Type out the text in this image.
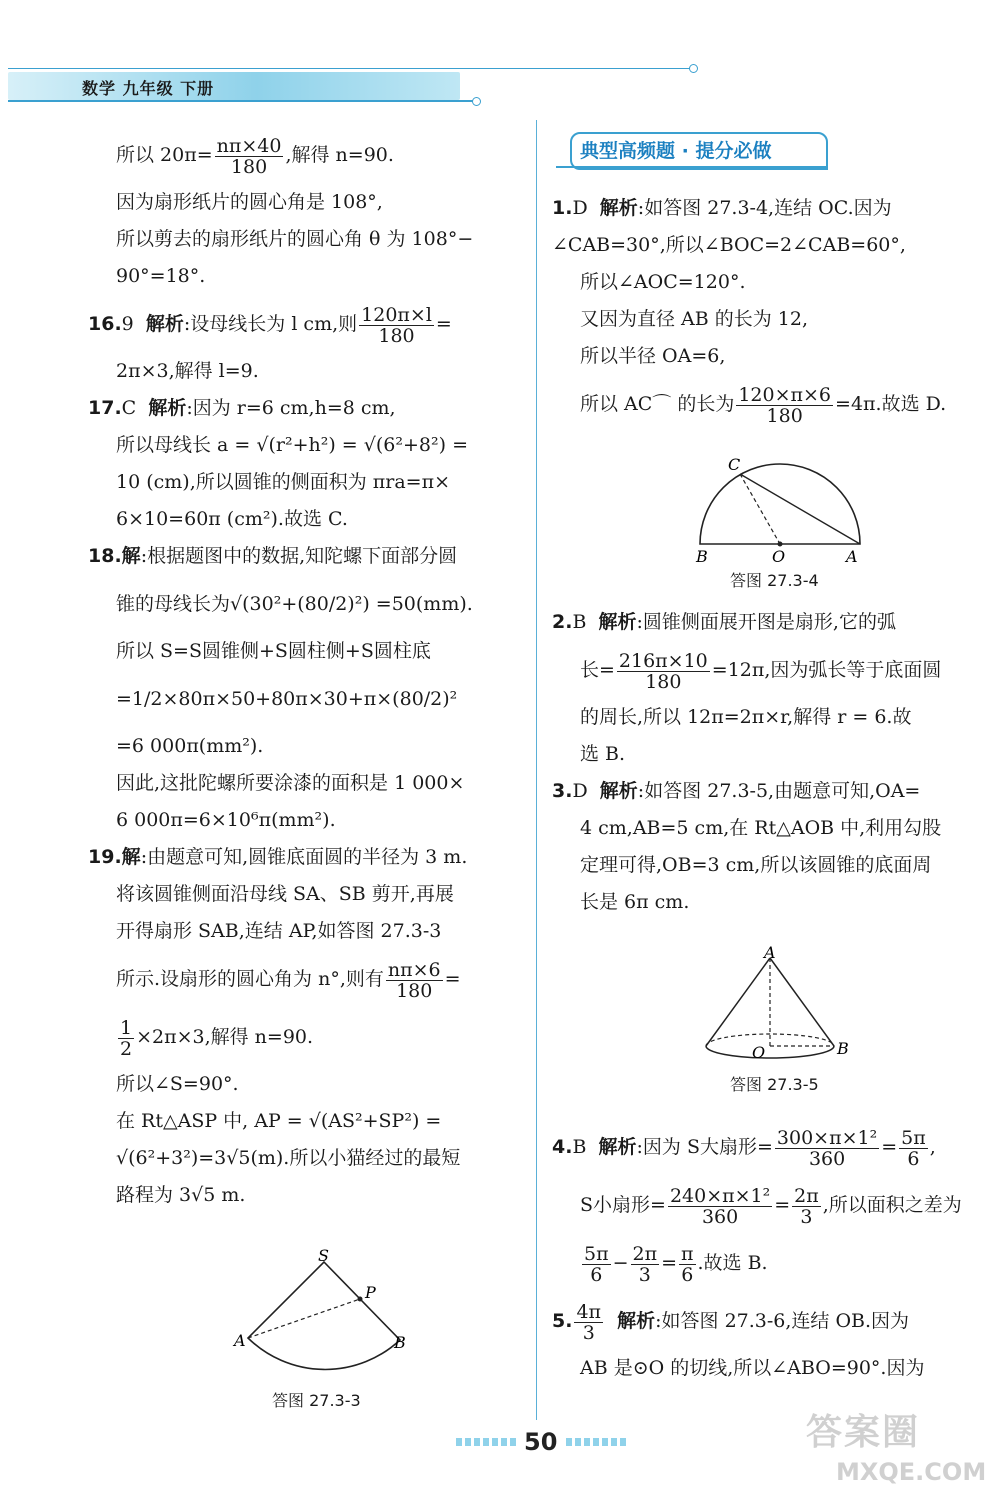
数学 九年级 下册
所以 $20\pi= \frac{n\pi\times 40}{180}$ ,解得 n=90.
因为扇形纸片的圆心角是 108°,
所以剪去的扇形纸片的圆心角 θ 为 108°−
90°=18°.
16.9 解析:设母线长为 l cm,则 $\frac{120\pi\times l}{180}$ =
2π×3,解得 l=9.
17.C 解析:因为 r=6 cm,h=8 cm,
所以母线长 a = √(r²+h²) = √(6²+8²) =
10 (cm),所以圆锥的侧面积为 πra=π×
6×10=60π (cm²).故选 C.
18.解:根据题图中的数据,知陀螺下面部分圆
锥的母线长为√(30²+(80/2)²) =50(mm).
所以 S=S圆锥侧+S圆柱侧+S圆柱底
=1/2×80π×50+80π×30+π×(80/2)²
=6 000π(mm²).
因此,这批陀螺所要涂漆的面积是 1 000×
6 000π=6×10⁶π(mm²).
19.解:由题意可知,圆锥底面圆的半径为 3 m.
将该圆锥侧面沿母线 SA、SB 剪开,再展
开得扇形 SAB,连结 AP,如答图 27.3-3
所示.设扇形的圆心角为 n°,则有 $\frac{n\pi\times 6}{180}$ =
$\frac{1}{2} \times 2\pi\times 3$,解得 n=90.
所以∠S=90°.
在 Rt△ASP 中, AP = √(AS²+SP²) =
√(6²+3²)=3√5(m).所以小猫经过的最短
路程为 3√5 m.
S
P
A	B
答图 27.3-3
典型高频题 · 提分必做
1.D 解析:如答图 27.3-4,连结 OC.因为
∠CAB=30°,所以∠BOC=2∠CAB=60°,
所以∠AOC=120°.
又因为直径 AB 的长为 12,
所以半径 OA=6,
所以 AC⌒ 的长为 $\frac{120\times\pi\times 6}{180} =4\pi$.故选 D.
C
B	O	A
答图 27.3-4
2.B 解析:圆锥侧面展开图是扇形,它的弧
长= $\frac{216\pi\times 10}{180} =12\pi$,因为弧长等于底面圆
的周长,所以 12π=2π×r,解得 r = 6.故
选 B.
3.D 解析:如答图 27.3-5,由题意可知,OA=
4 cm,AB=5 cm,在 Rt△AOB 中,利用勾股
定理可得,OB=3 cm,所以该圆锥的底面周
长是 6π cm.
A
O	B
答图 27.3-5
4.B 解析:因为 S大扇形= $\frac{\text{300×π×1²}}{360} = \frac{5\pi}{6}$ ,
S小扇形= $\frac{\text{240×π×1²}}{360} = \frac{2\pi}{3}$ ,所以面积之差为
$\frac{5\pi}{6} - \frac{2\pi}{3} = \frac{\pi}{6}$ .故选 B.
5. $\frac{4\pi}{3}$ 解析:如答图 27.3-6,连结 OB.因为
AB 是⊙O 的切线,所以∠ABO=90°.因为
50	答案圈
MXQE.COM
